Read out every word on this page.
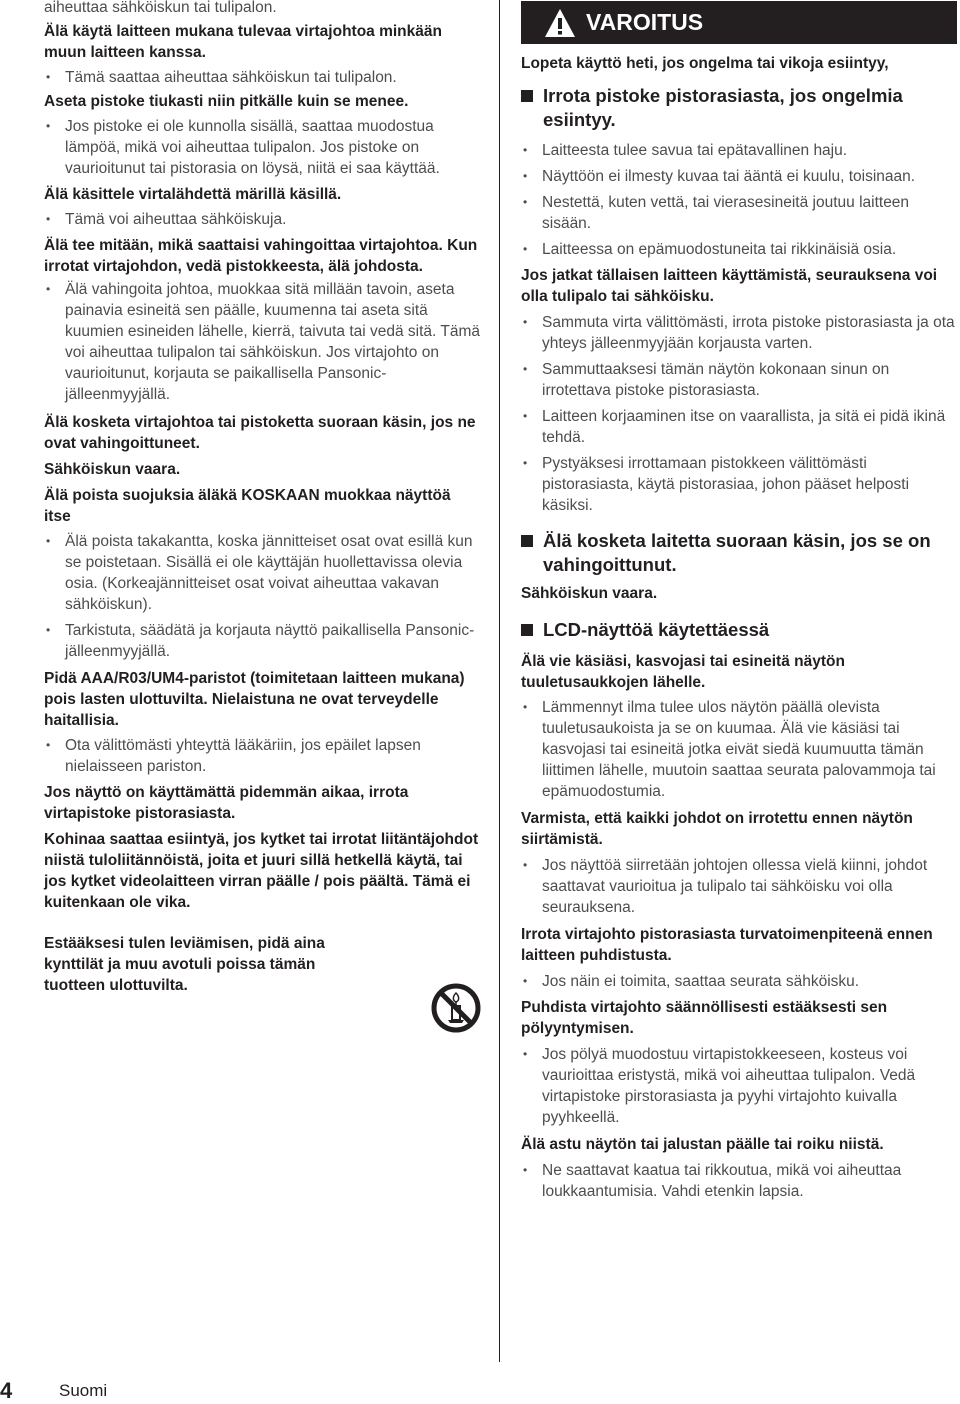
aiheuttaa sähköiskun tai tulipalon.

Älä käytä laitteen mukana tulevaa virtajohtoa minkään muun laitteen kanssa.

• Tämä saattaa aiheuttaa sähköiskun tai tulipalon.

Aseta pistoke tiukasti niin pitkälle kuin se menee.

• Jos pistoke ei ole kunnolla sisällä, saattaa muodostua lämpöä, mikä voi aiheuttaa tulipalon. Jos pistoke on vaurioitunut tai pistorasia on löysä, niitä ei saa käyttää.

Älä käsittele virtalähdettä märillä käsillä.

• Tämä voi aiheuttaa sähköiskuja.

Älä tee mitään, mikä saattaisi vahingoittaa virtajohtoa. Kun irrotat virtajohdon, vedä pistokkeesta, älä johdosta.

• Älä vahingoita johtoa, muokkaa sitä millään tavoin, aseta painavia esineitä sen päälle, kuumenna tai aseta sitä kuumien esineiden lähelle, kierrä, taivuta tai vedä sitä. Tämä voi aiheuttaa tulipalon tai sähköiskun. Jos virtajohto on vaurioitunut, korjauta se paikallisella Pansonic-jälleenmyyjällä.

Älä kosketa virtajohtoa tai pistoketta suoraan käsin, jos ne ovat vahingoittuneet.

Sähköiskun vaara.

Älä poista suojuksia äläkä KOSKAAN muokkaa näyttöä itse

• Älä poista takakantta, koska jännitteiset osat ovat esillä kun se poistetaan. Sisällä ei ole käyttäjän huollettavissa olevia osia. (Korkeajännitteiset osat voivat aiheuttaa vakavan sähköiskun).
• Tarkistuta, säädätä ja korjauta näyttö paikallisella Pansonic-jälleenmyyjällä.

Pidä AAA/R03/UM4-paristot (toimitetaan laitteen mukana) pois lasten ulottuvilta. Nielaistuna ne ovat terveydelle haitallisia.

• Ota välittömästi yhteyttä lääkäriin, jos epäilet lapsen nielaisseen pariston.

Jos näyttö on käyttämättä pidemmän aikaa, irrota virtapistoke pistorasiasta.

Kohinaa saattaa esiintyä, jos kytket tai irrotat liitäntäjohdot niistä tuloliitännöistä, joita et juuri sillä hetkellä käytä, tai jos kytket videolaitteen virran päälle / pois päältä. Tämä ei kuitenkaan ole vika.

Estääksesi tulen leviämisen, pidä aina kynttilät ja muu avotuli poissa tämän tuotteen ulottuvilta.

VAROITUS

Lopeta käyttö heti, jos ongelma tai vikoja esiintyy,

Irrota pistoke pistorasiasta, jos ongelmia esiintyy.
• Laitteesta tulee savua tai epätavallinen haju.
• Näyttöön ei ilmesty kuvaa tai ääntä ei kuulu, toisinaan.
• Nestettä, kuten vettä, tai vierasesineitä joutuu laitteen sisään.
• Laitteessa on epämuodostuneita tai rikkinäisiä osia.

Jos jatkat tällaisen laitteen käyttämistä, seurauksena voi olla tulipalo tai sähköisku.

• Sammuta virta välittömästi, irrota pistoke pistorasiasta ja ota yhteys jälleenmyyjään korjausta varten.
• Sammuttaaksesi tämän näytön kokonaan sinun on irrotettava pistoke pistorasiasta.
• Laitteen korjaaminen itse on vaarallista, ja sitä ei pidä ikinä tehdä.
• Pystyäksesi irrottamaan pistokkeen välittömästi pistorasiasta, käytä pistorasiaa, johon pääset helposti käsiksi.
Älä kosketa laitetta suoraan käsin, jos se on vahingoittunut.

Sähköiskun vaara.

LCD-näyttöä käytettäessä

Älä vie käsiäsi, kasvojasi tai esineitä näytön tuuletusaukkojen lähelle.

• Lämmennyt ilma tulee ulos näytön päällä olevista tuuletusaukoista ja se on kuumaa. Älä vie käsiäsi tai kasvojasi tai esineitä jotka eivät siedä kuumuutta tämän liittimen lähelle, muutoin saattaa seurata palovammoja tai epämuodostumia.

Varmista, että kaikki johdot on irrotettu ennen näytön siirtämistä.

• Jos näyttöä siirretään johtojen ollessa vielä kiinni, johdot saattavat vaurioitua ja tulipalo tai sähköisku voi olla seurauksena.

Irrota virtajohto pistorasiasta turvatoimenpiteenä ennen laitteen puhdistusta.

• Jos näin ei toimita, saattaa seurata sähköisku.

Puhdista virtajohto säännöllisesti estääksesti sen pölyyntymisen.

• Jos pölyä muodostuu virtapistokkeeseen, kosteus voi vaurioittaa eristystä, mikä voi aiheuttaa tulipalon. Vedä virtapistoke pirstorasiasta ja pyyhi virtajohto kuivalla pyyhkeellä.

Älä astu näytön tai jalustan päälle tai roiku niistä.

• Ne saattavat kaatua tai rikkoutua, mikä voi aiheuttaa loukkaantumisia. Vahdi etenkin lapsia.
4	Suomi
